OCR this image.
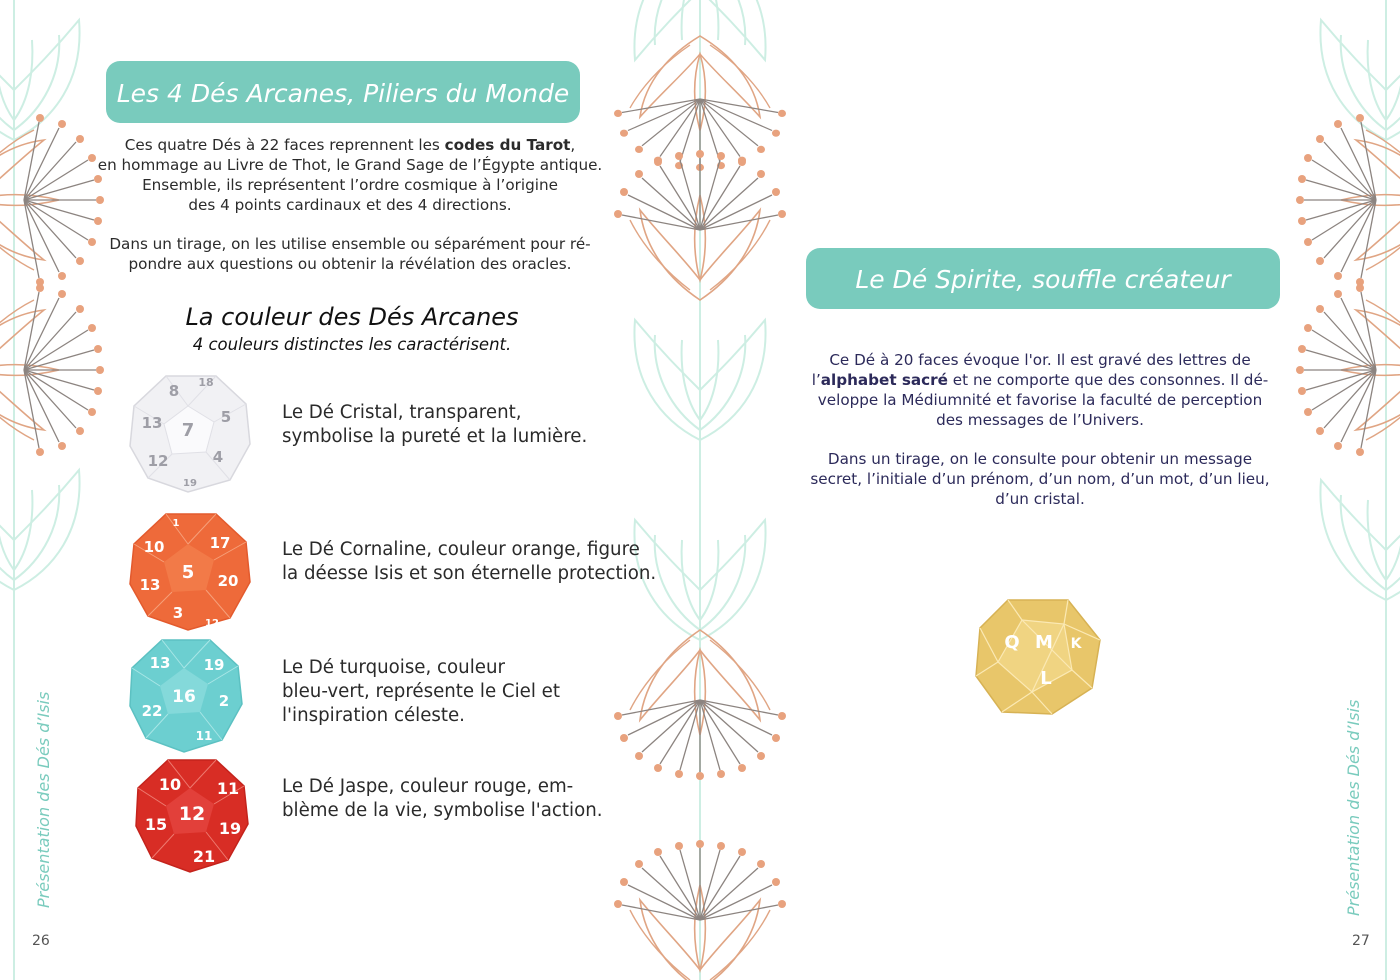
Les 4 Dés Arcanes, Piliers du Monde
Ces quatre Dés à 22 faces reprennent les codes du Tarot,
en hommage au Livre de Thot, le Grand Sage de l’Égypte antique.
Ensemble, ils représentent l’ordre cosmique à l’origine
des 4 points cardinaux et des 4 directions.
Dans un tirage, on les utilise ensemble ou séparément pour ré-
pondre aux questions ou obtenir la révélation des oracles.
La couleur des Dés Arcanes
4 couleurs distinctes les caractérisent.
8 18
13 7
5
12	4
19
Le Dé Cristal, transparent,
symbolise la pureté et la lumière.
1
10	17
5
13	20
3
12
Le Dé Cornaline, couleur orange, figure
la déesse Isis et son éternelle protection.
13 19
16 2
22
11
Le Dé turquoise, couleur
bleu-vert, représente le Ciel et
l'inspiration céleste.
10 11
15 12
19
21
Le Dé Jaspe, couleur rouge, em-
blème de la vie, symbolise l'action.
Présentation des Dés d’Isis
26
Le Dé Spirite, souffle créateur
Ce Dé à 20 faces évoque l'or. Il est gravé des lettres de
l’alphabet sacré et ne comporte que des consonnes. Il dé-
veloppe la Médiumnité et favorise la faculté de perception
des messages de l’Univers.
Dans un tirage, on le consulte pour obtenir un message
secret, l’initiale d’un prénom, d’un nom, d’un mot, d’un lieu,
d’un cristal.
Q M K
L
Présentation des Dés d’Isis
27
